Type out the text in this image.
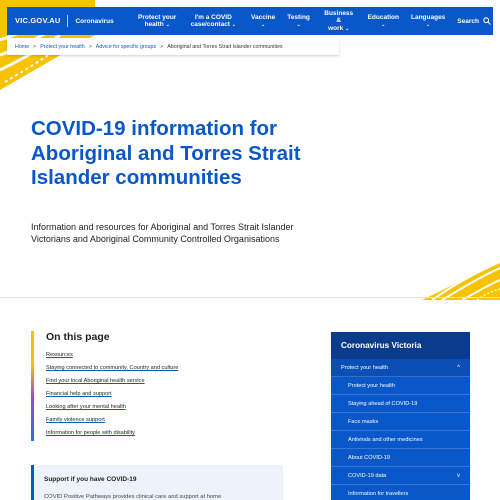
VIC.GOV.AU	Coronavirus
Protect your
health ⌄
I'm a COVID
case/contact ⌄
Vaccine
⌄
Testing
⌄
Business &
work ⌄
Education
⌄
Languages
⌄
Search
Home > Protect your health > Advice for specific groups > Aboriginal and Torres Strait Islander communities
COVID-19 information for Aboriginal and Torres Strait Islander communities

Information and resources for Aboriginal and Torres Strait Islander Victorians and Aboriginal Community Controlled Organisations

On this page
Resources
Staying connected to community, Country and culture
Find your local Aboriginal health service
Financial help and support
Looking after your mental health
Family violence support
Information for people with disability
Support if you have COVID-19
COVID Positive Pathways provides clinical care and support at home
Coronavirus Victoria
Protect your health	^
Protect your health
Staying ahead of COVID-19
Face masks
Antivirals and other medicines
About COVID-19
COVID-19 data	v
Information for travellers
